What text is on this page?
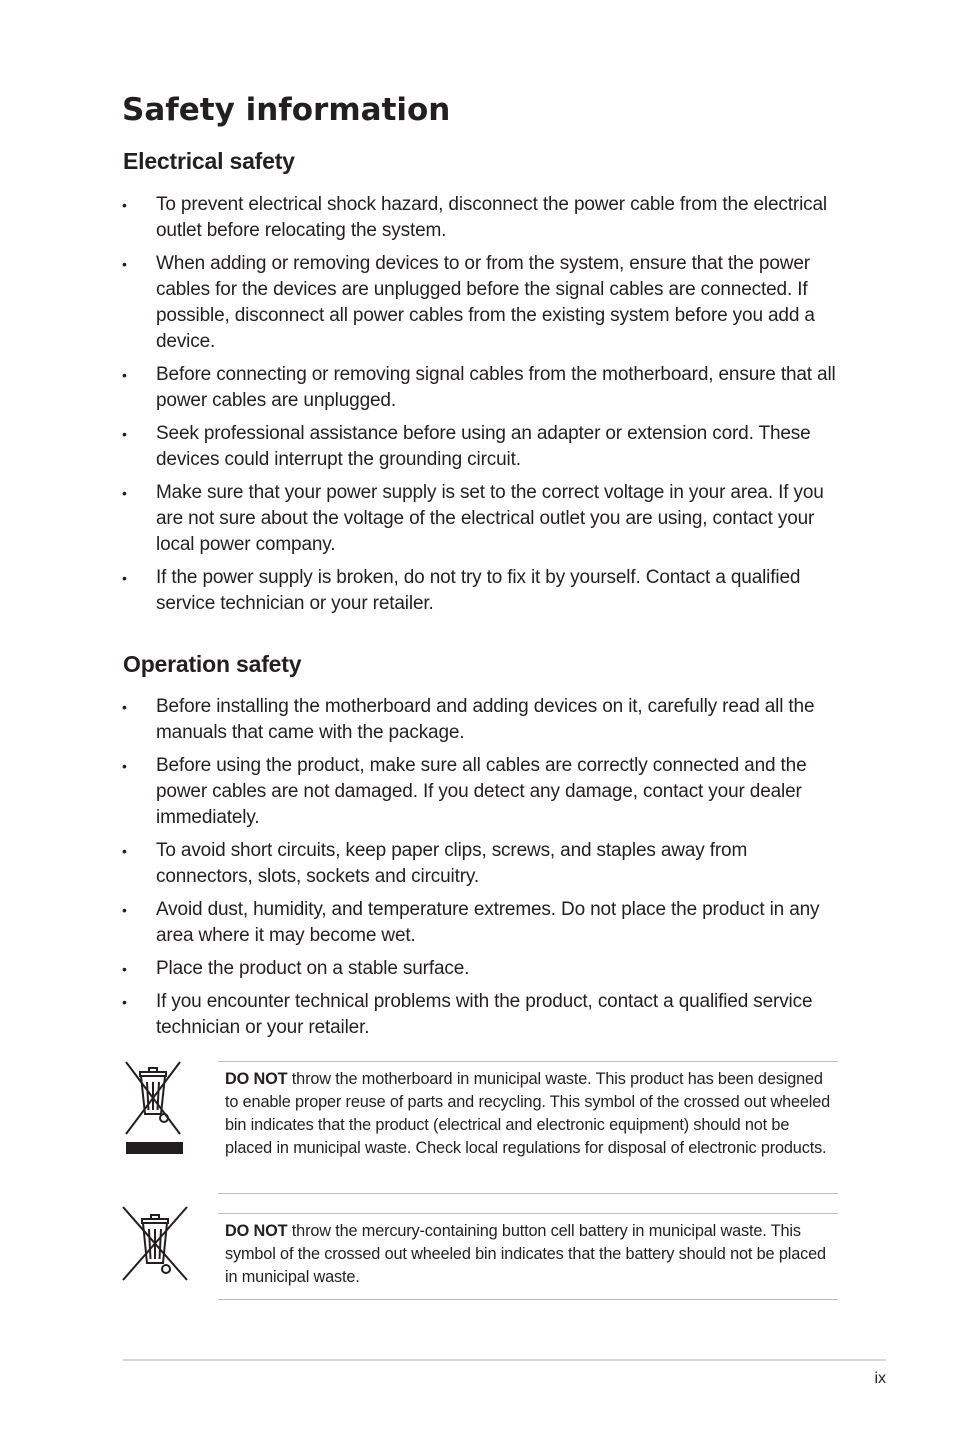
Safety information
Electrical safety
• To prevent electrical shock hazard, disconnect the power cable from the electrical outlet before relocating the system.
• When adding or removing devices to or from the system, ensure that the power cables for the devices are unplugged before the signal cables are connected. If possible, disconnect all power cables from the existing system before you add a device.
• Before connecting or removing signal cables from the motherboard, ensure that all power cables are unplugged.
• Seek professional assistance before using an adapter or extension cord. These devices could interrupt the grounding circuit.
• Make sure that your power supply is set to the correct voltage in your area. If you are not sure about the voltage of the electrical outlet you are using, contact your local power company.
• If the power supply is broken, do not try to fix it by yourself. Contact a qualified service technician or your retailer.
Operation safety
• Before installing the motherboard and adding devices on it, carefully read all the manuals that came with the package.
• Before using the product, make sure all cables are correctly connected and the power cables are not damaged. If you detect any damage, contact your dealer immediately.
• To avoid short circuits, keep paper clips, screws, and staples away from connectors, slots, sockets and circuitry.
• Avoid dust, humidity, and temperature extremes. Do not place the product in any area where it may become wet.
• Place the product on a stable surface.
• If you encounter technical problems with the product, contact a qualified service technician or your retailer.
DO NOT throw the motherboard in municipal waste. This product has been designed to enable proper reuse of parts and recycling. This symbol of the crossed out wheeled bin indicates that the product (electrical and electronic equipment) should not be placed in municipal waste. Check local regulations for disposal of electronic products.
DO NOT throw the mercury-containing button cell battery in municipal waste. This symbol of the crossed out wheeled bin indicates that the battery should not be placed in municipal waste.
ix
